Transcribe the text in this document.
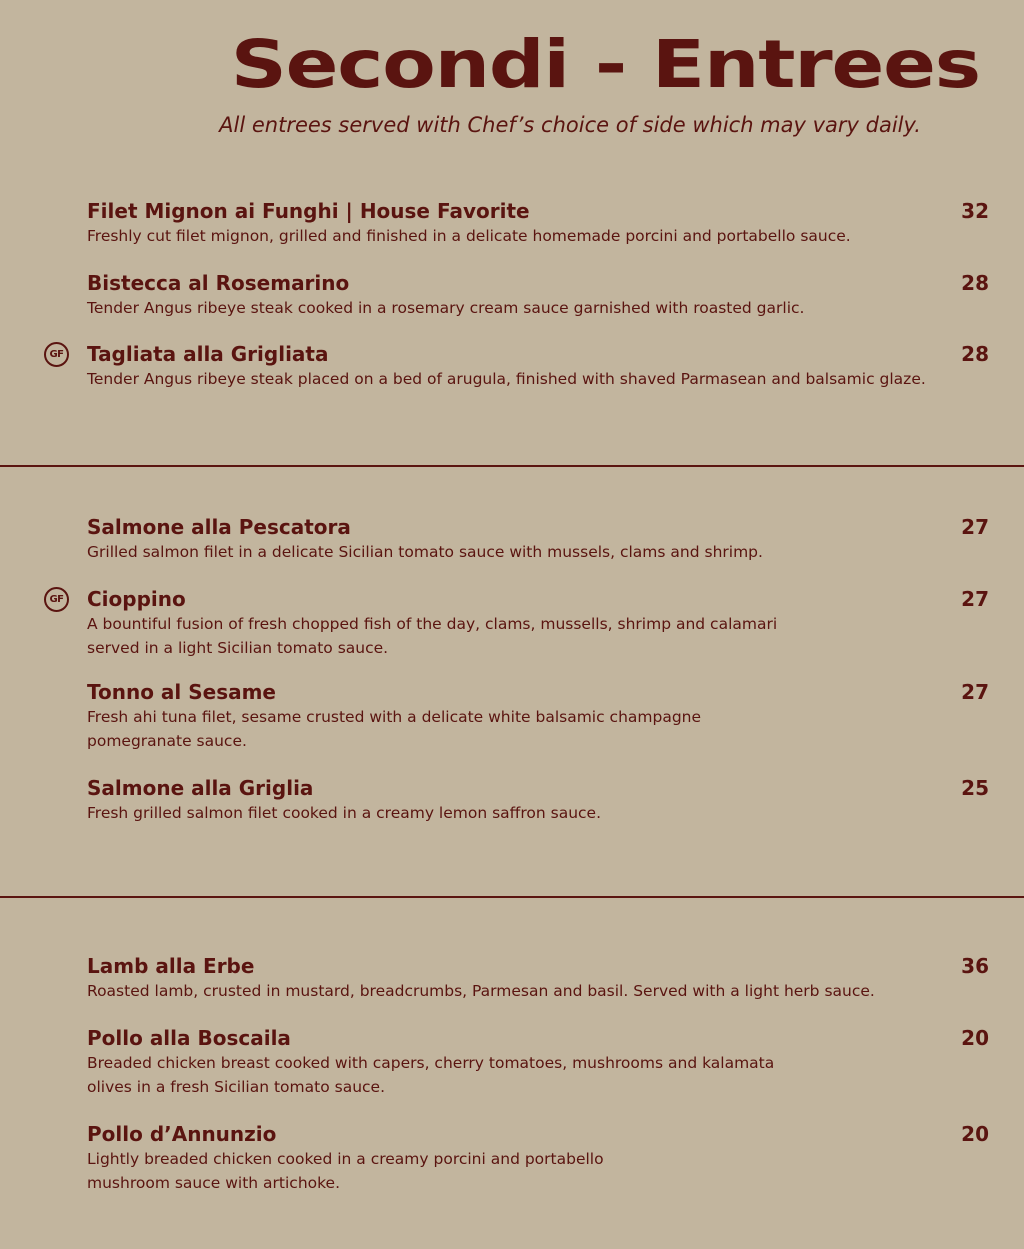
Secondi - Entrees
All entrees served with Chef’s choice of side which may vary daily.
Filet Mignon ai Funghi | House Favorite	32
Freshly cut filet mignon, grilled and finished in a delicate homemade porcini and portabello sauce.
Bistecca al Rosemarino	28
Tender Angus ribeye steak cooked in a rosemary cream sauce garnished with roasted garlic.
GF Tagliata alla Grigliata	28
Tender Angus ribeye steak placed on a bed of arugula, finished with shaved Parmasean and balsamic glaze.
Salmone alla Pescatora	27
Grilled salmon filet in a delicate Sicilian tomato sauce with mussels, clams and shrimp.
GF Cioppino	27
A bountiful fusion of fresh chopped fish of the day, clams, mussells, shrimp and calamari
served in a light Sicilian tomato sauce.
Tonno al Sesame	27
Fresh ahi tuna filet, sesame crusted with a delicate white balsamic champagne
pomegranate sauce.
Salmone alla Griglia	25
Fresh grilled salmon filet cooked in a creamy lemon saffron sauce.
Lamb alla Erbe	36
Roasted lamb, crusted in mustard, breadcrumbs, Parmesan and basil. Served with a light herb sauce.
Pollo alla Boscaila	20
Breaded chicken breast cooked with capers, cherry tomatoes, mushrooms and kalamata
olives in a fresh Sicilian tomato sauce.
Pollo d’Annunzio	20
Lightly breaded chicken cooked in a creamy porcini and portabello
mushroom sauce with artichoke.
